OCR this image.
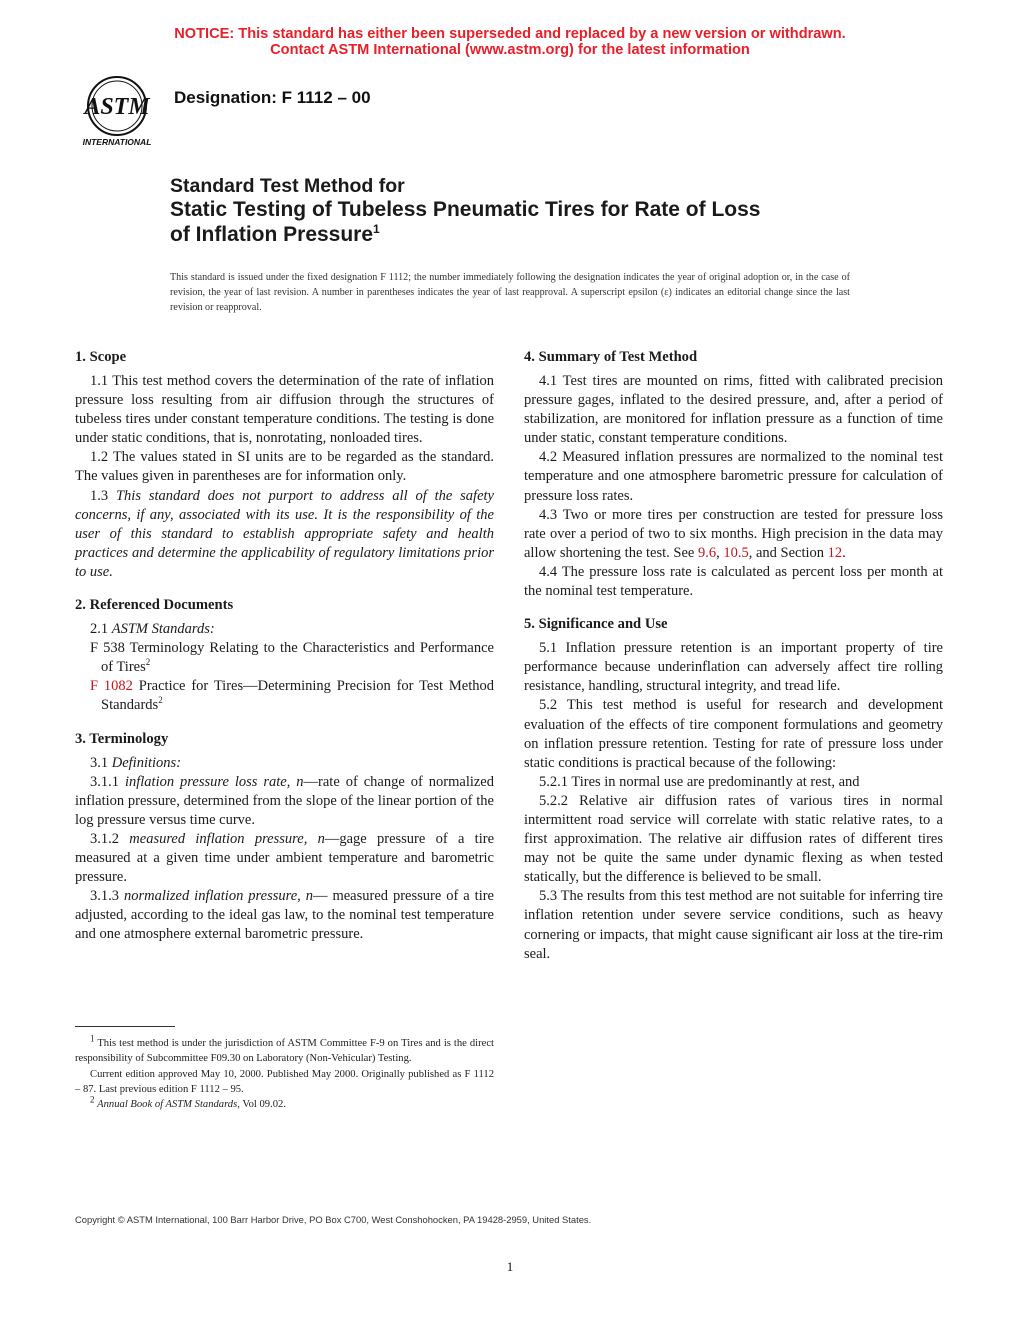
NOTICE: This standard has either been superseded and replaced by a new version or withdrawn.
Contact ASTM International (www.astm.org) for the latest information
ASTM
INTERNATIONAL
Designation: F 1112 – 00
Standard Test Method for
Static Testing of Tubeless Pneumatic Tires for Rate of Loss
of Inflation Pressure$^1$
This standard is issued under the fixed designation F 1112; the number immediately following the designation indicates the year of original adoption or, in the case of revision, the year of last revision. A number in parentheses indicates the year of last reapproval. A superscript epsilon (ε) indicates an editorial change since the last revision or reapproval.
1. Scope

1.1 This test method covers the determination of the rate of inflation pressure loss resulting from air diffusion through the structures of tubeless tires under constant temperature conditions. The testing is done under static conditions, that is, nonrotating, nonloaded tires.

1.2 The values stated in SI units are to be regarded as the standard. The values given in parentheses are for information only.

1.3 This standard does not purport to address all of the safety concerns, if any, associated with its use. It is the responsibility of the user of this standard to establish appropriate safety and health practices and determine the applicability of regulatory limitations prior to use.

2. Referenced Documents

2.1 ASTM Standards:

F 538 Terminology Relating to the Characteristics and Performance of Tires$^2$

F 1082 Practice for Tires—Determining Precision for Test Method Standards$^2$

3. Terminology

3.1 Definitions:

3.1.1 inflation pressure loss rate, n—rate of change of normalized inflation pressure, determined from the slope of the linear portion of the log pressure versus time curve.

3.1.2 measured inflation pressure, n—gage pressure of a tire measured at a given time under ambient temperature and barometric pressure.

3.1.3 normalized inflation pressure, n— measured pressure of a tire adjusted, according to the ideal gas law, to the nominal test temperature and one atmosphere external barometric pressure.

4. Summary of Test Method

4.1 Test tires are mounted on rims, fitted with calibrated precision pressure gages, inflated to the desired pressure, and, after a period of stabilization, are monitored for inflation pressure as a function of time under static, constant temperature conditions.

4.2 Measured inflation pressures are normalized to the nominal test temperature and one atmosphere barometric pressure for calculation of pressure loss rates.

4.3 Two or more tires per construction are tested for pressure loss rate over a period of two to six months. High precision in the data may allow shortening the test. See 9.6, 10.5, and Section 12.

4.4 The pressure loss rate is calculated as percent loss per month at the nominal test temperature.

5. Significance and Use

5.1 Inflation pressure retention is an important property of tire performance because underinflation can adversely affect tire rolling resistance, handling, structural integrity, and tread life.

5.2 This test method is useful for research and development evaluation of the effects of tire component formulations and geometry on inflation pressure retention. Testing for rate of pressure loss under static conditions is practical because of the following:

5.2.1 Tires in normal use are predominantly at rest, and

5.2.2 Relative air diffusion rates of various tires in normal intermittent road service will correlate with static relative rates, to a first approximation. The relative air diffusion rates of different tires may not be quite the same under dynamic flexing as when tested statically, but the difference is believed to be small.

5.3 The results from this test method are not suitable for inferring tire inflation retention under severe service conditions, such as heavy cornering or impacts, that might cause significant air loss at the tire-rim seal.

$^1$ This test method is under the jurisdiction of ASTM Committee F-9 on Tires and is the direct responsibility of Subcommittee F09.30 on Laboratory (Non-Vehicular) Testing.

Current edition approved May 10, 2000. Published May 2000. Originally published as F 1112 – 87. Last previous edition F 1112 – 95.

$^2$ Annual Book of ASTM Standards, Vol 09.02.

Copyright © ASTM International, 100 Barr Harbor Drive, PO Box C700, West Conshohocken, PA 19428-2959, United States.
1
